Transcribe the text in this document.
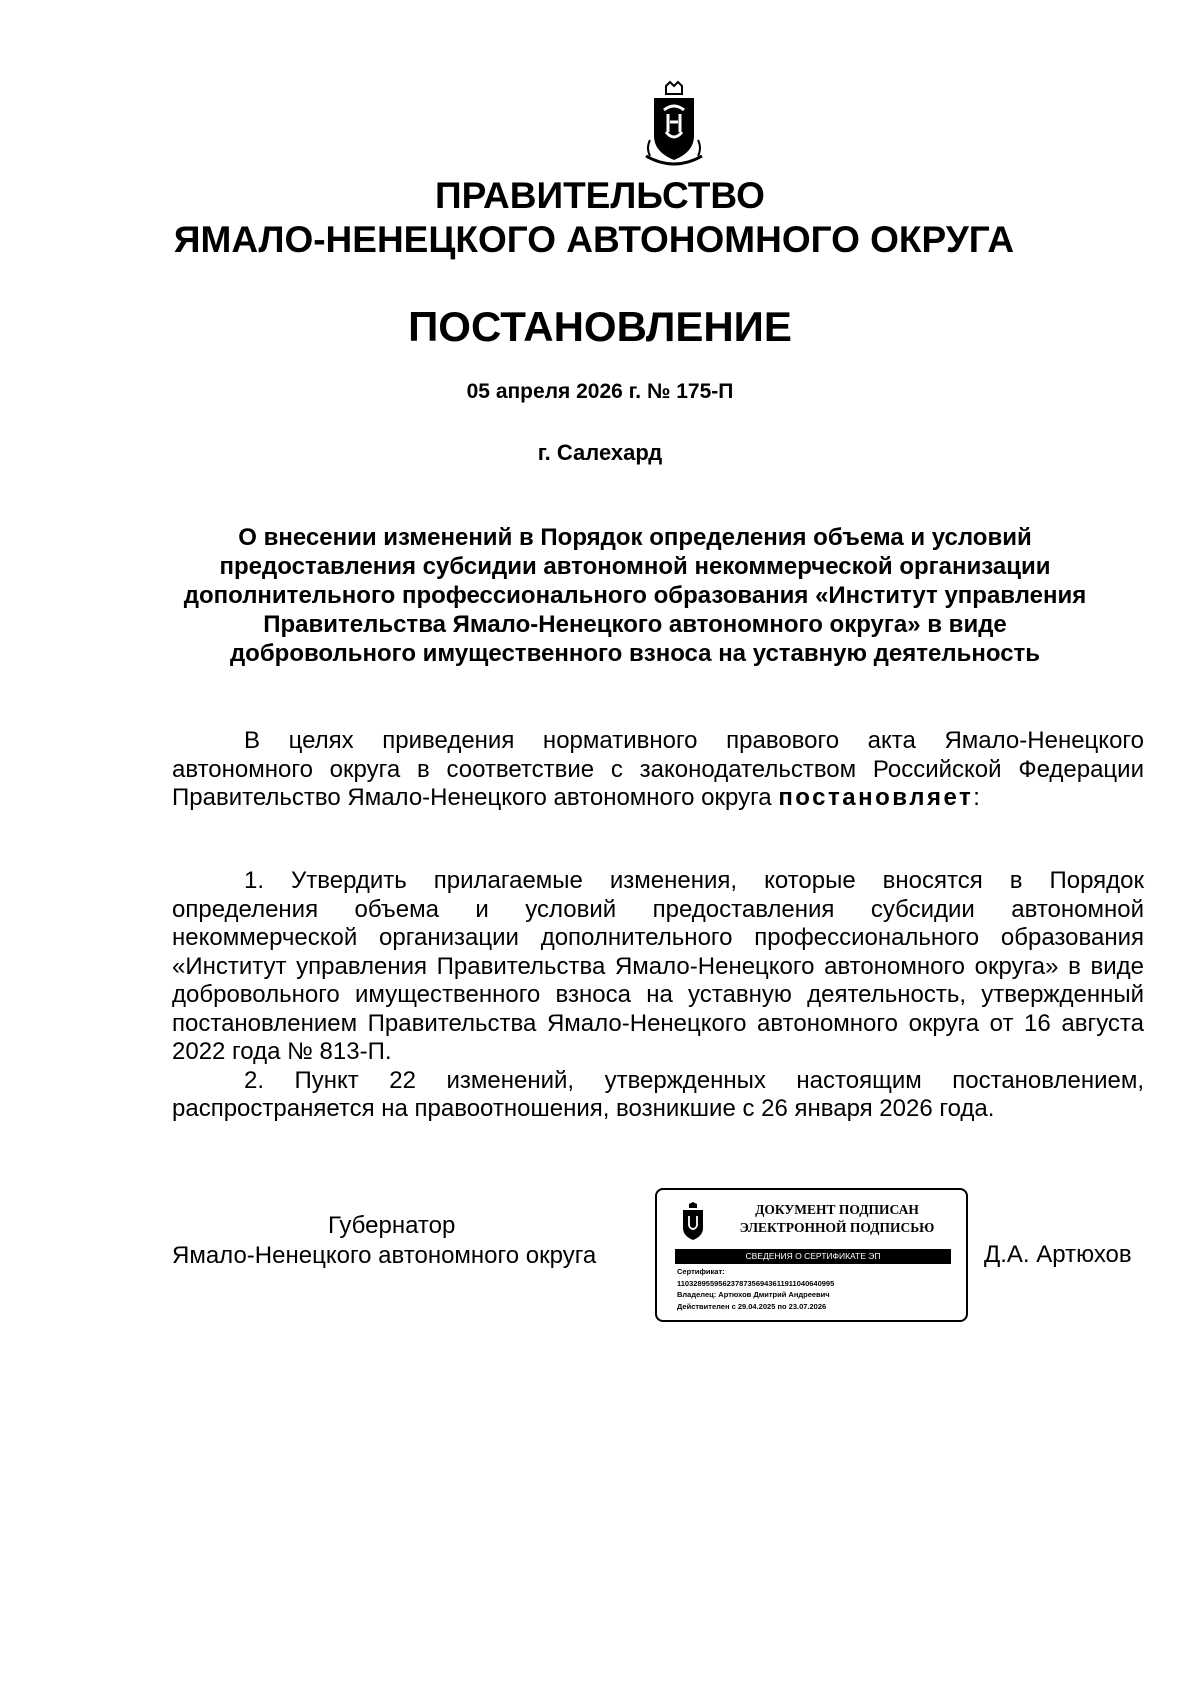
ПРАВИТЕЛЬСТВО
ЯМАЛО-НЕНЕЦКОГО АВТОНОМНОГО ОКРУГА
ПОСТАНОВЛЕНИЕ
05 апреля 2026 г. № 175-П
г. Салехард
О внесении изменений в Порядок определения объема и условий предоставления субсидии автономной некоммерческой организации дополнительного профессионального образования «Институт управления Правительства Ямало-Ненецкого автономного округа» в виде добровольного имущественного взноса на уставную деятельность
В целях приведения нормативного правового акта Ямало-Ненецкого автономного округа в соответствие с законодательством Российской Федерации Правительство Ямало-Ненецкого автономного округа постановляет:

1. Утвердить прилагаемые изменения, которые вносятся в Порядок определения объема и условий предоставления субсидии автономной некоммерческой организации дополнительного профессионального образования «Институт управления Правительства Ямало-Ненецкого автономного округа» в виде добровольного имущественного взноса на уставную деятельность, утвержденный постановлением Правительства Ямало-Ненецкого автономного округа от 16 августа 2022 года № 813-П.

2. Пункт 22 изменений, утвержденных настоящим постановлением, распространяется на правоотношения, возникшие с 26 января 2026 года.

Губернатор
Ямало-Ненецкого автономного округа	Д.А. Артюхов
ДОКУМЕНТ ПОДПИСАН
ЭЛЕКТРОННОЙ ПОДПИСЬЮ
СВЕДЕНИЯ О СЕРТИФИКАТЕ ЭП
Сертификат:
11032895595623787356943611911040640995
Владелец: Артюхов Дмитрий Андреевич
Действителен с 29.04.2025 по 23.07.2026
